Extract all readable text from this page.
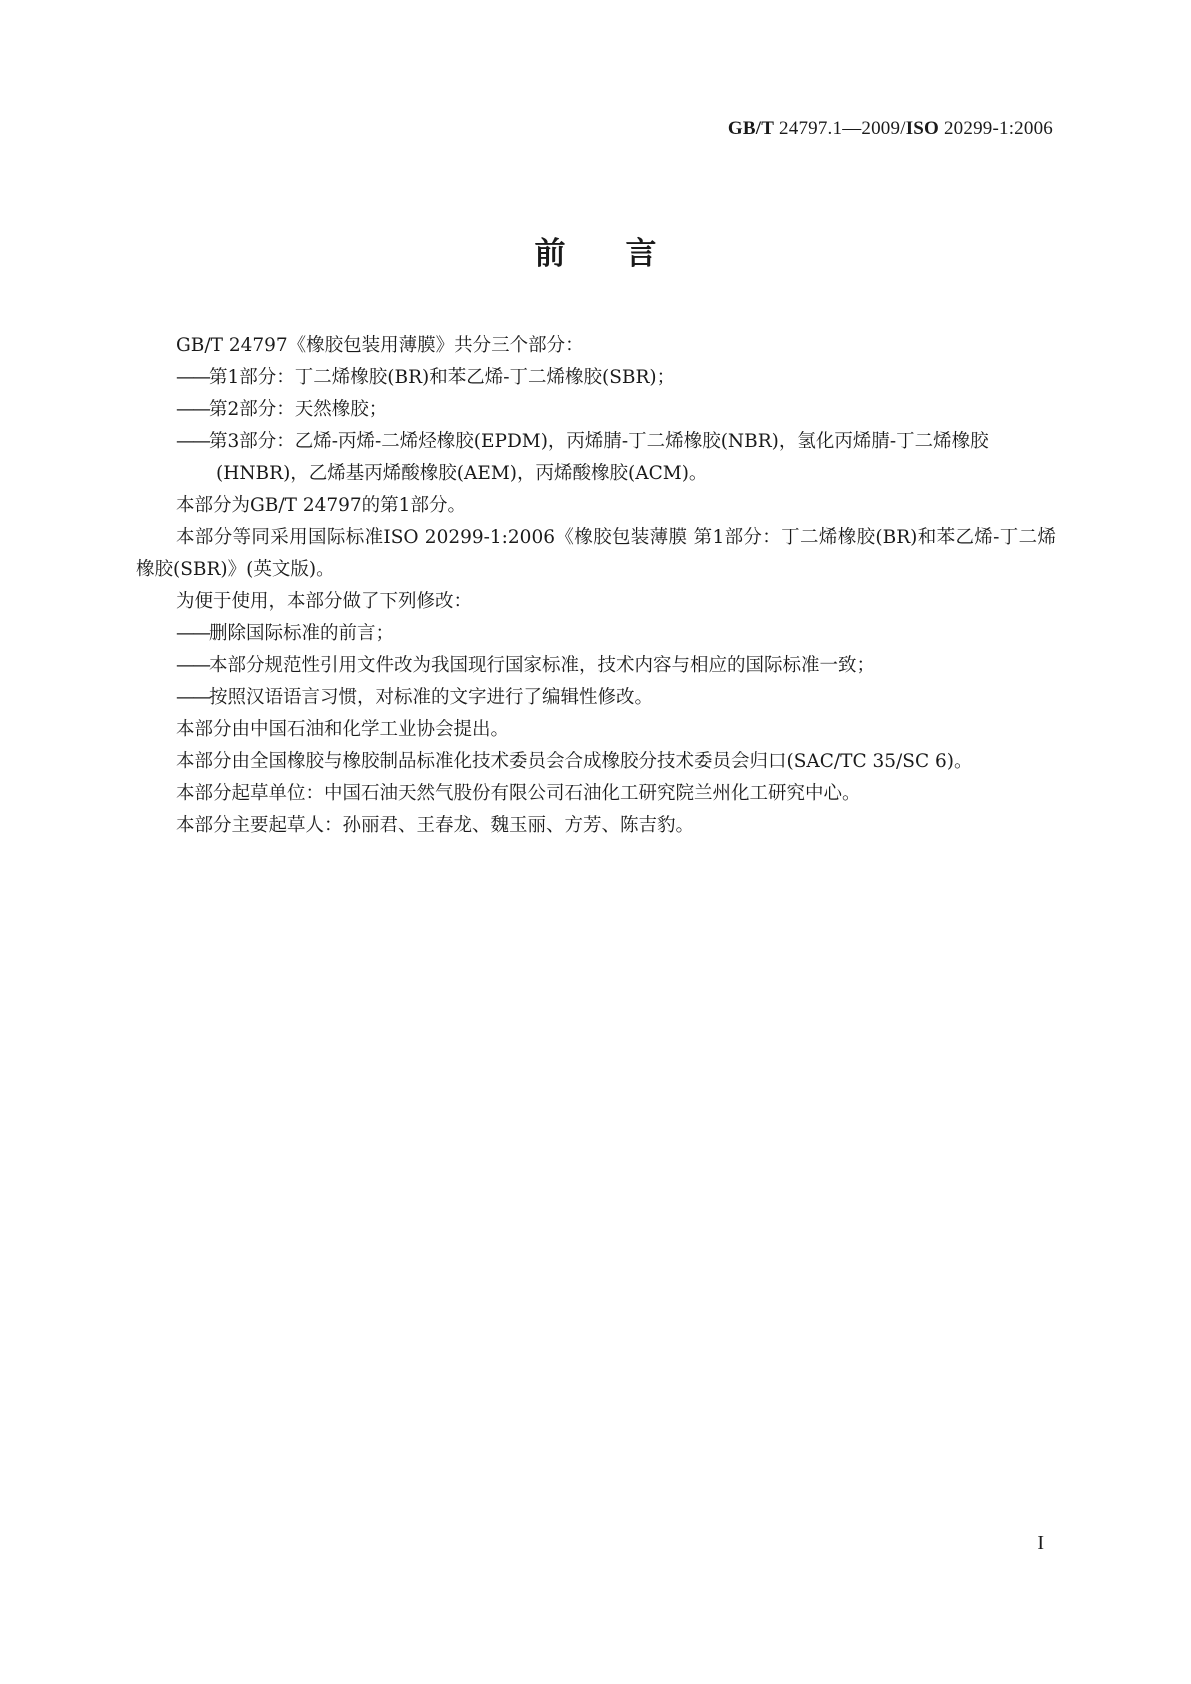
GB/T 24797.1—2009/ISO 20299-1:2006
前言

GB/T 24797《橡胶包装用薄膜》共分三个部分：

——第1部分：丁二烯橡胶(BR)和苯乙烯-丁二烯橡胶(SBR)；

——第2部分：天然橡胶；

——第3部分：乙烯-丙烯-二烯烃橡胶(EPDM)，丙烯腈-丁二烯橡胶(NBR)，氢化丙烯腈-丁二烯橡胶(HNBR)，乙烯基丙烯酸橡胶(AEM)，丙烯酸橡胶(ACM)。

本部分为GB/T 24797的第1部分。

本部分等同采用国际标准ISO 20299-1:2006《橡胶包装薄膜 第1部分：丁二烯橡胶(BR)和苯乙烯-丁二烯橡胶(SBR)》(英文版)。

为便于使用，本部分做了下列修改：

——删除国际标准的前言；

——本部分规范性引用文件改为我国现行国家标准，技术内容与相应的国际标准一致；

——按照汉语语言习惯，对标准的文字进行了编辑性修改。

本部分由中国石油和化学工业协会提出。

本部分由全国橡胶与橡胶制品标准化技术委员会合成橡胶分技术委员会归口(SAC/TC 35/SC 6)。

本部分起草单位：中国石油天然气股份有限公司石油化工研究院兰州化工研究中心。

本部分主要起草人：孙丽君、王春龙、魏玉丽、方芳、陈吉豹。

I
